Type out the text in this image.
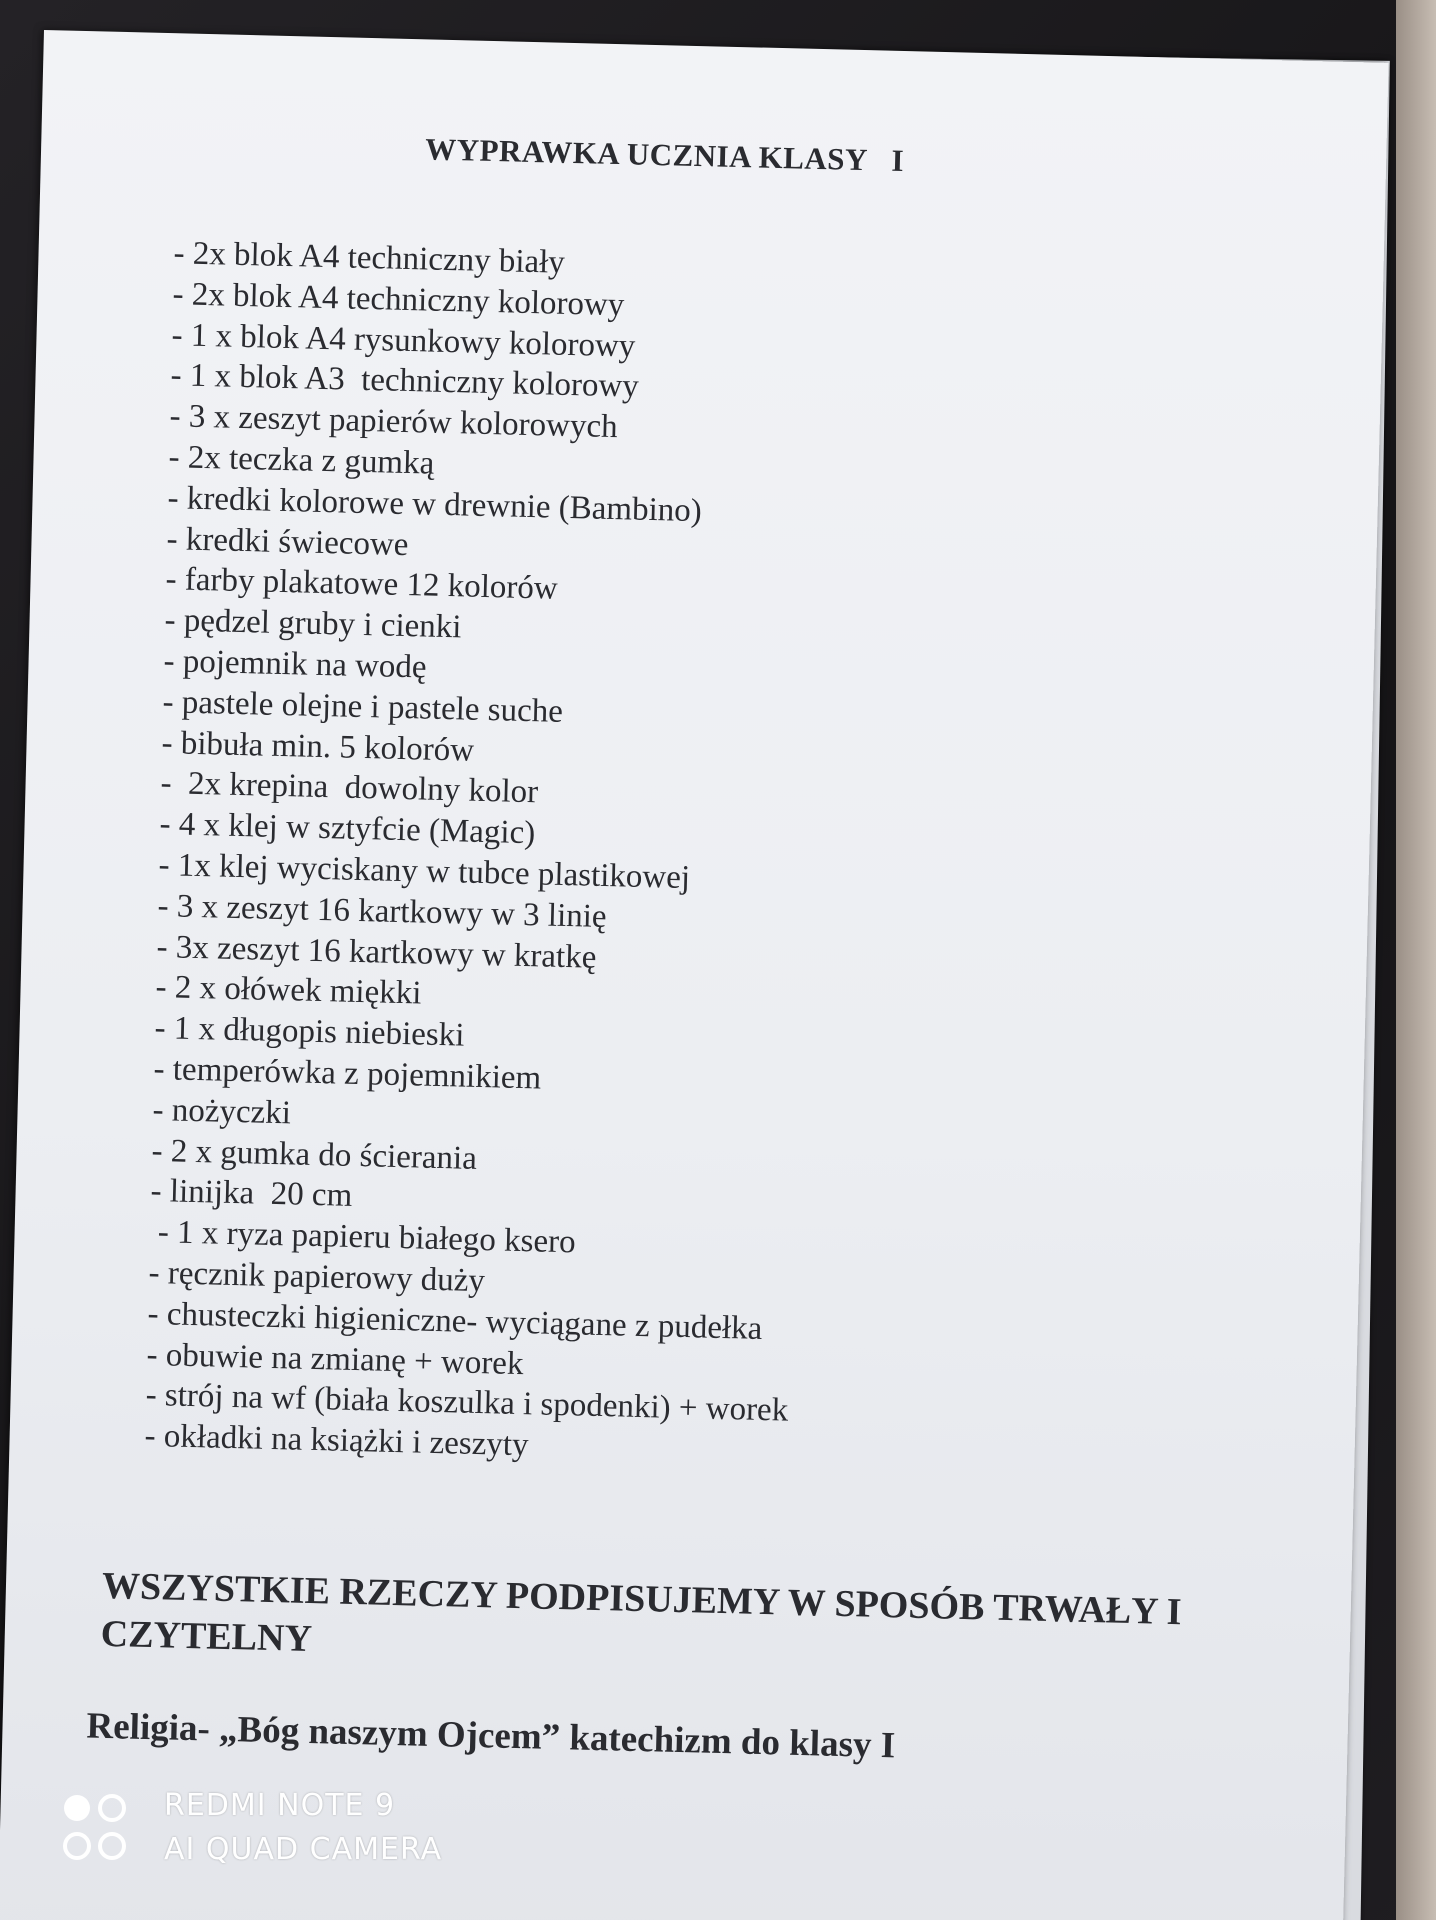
WYPRAWKA UCZNIA KLASY   I
- 2x blok A4 techniczny biały
- 2x blok A4 techniczny kolorowy
- 1 x blok A4 rysunkowy kolorowy
- 1 x blok A3  techniczny kolorowy
- 3 x zeszyt papierów kolorowych
- 2x teczka z gumką
- kredki kolorowe w drewnie (Bambino)
- kredki świecowe
- farby plakatowe 12 kolorów
- pędzel gruby i cienki
- pojemnik na wodę
- pastele olejne i pastele suche
- bibuła min. 5 kolorów
-  2x krepina  dowolny kolor
- 4 x klej w sztyfcie (Magic)
- 1x klej wyciskany w tubce plastikowej
- 3 x zeszyt 16 kartkowy w 3 linię
- 3x zeszyt 16 kartkowy w kratkę
- 2 x ołówek miękki
- 1 x długopis niebieski
- temperówka z pojemnikiem
- nożyczki
- 2 x gumka do ścierania
- linijka  20 cm
- 1 x ryza papieru białego ksero
- ręcznik papierowy duży
- chusteczki higieniczne- wyciągane z pudełka
- obuwie na zmianę + worek
- strój na wf (biała koszulka i spodenki) + worek
- okładki na książki i zeszyty

WSZYSTKIE RZECZY PODPISUJEMY W SPOSÓB TRWAŁY I CZYTELNY

Religia- „Bóg naszym Ojcem” katechizm do klasy I

REDMI NOTE 9
AI QUAD CAMERA
